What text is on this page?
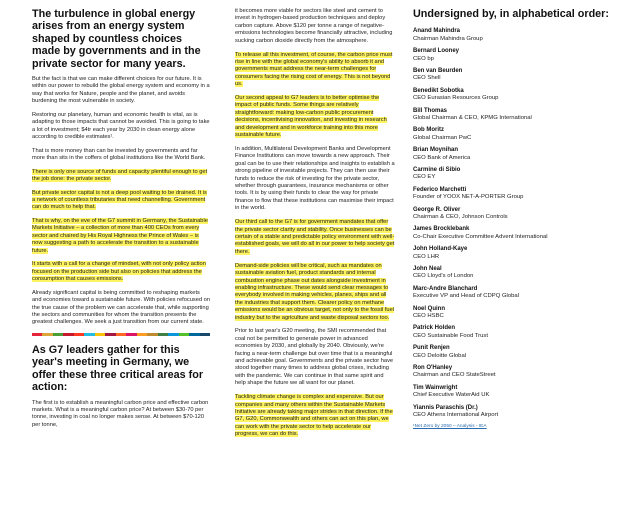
The turbulence in global energy arises from an energy system shaped by countless choices made by governments and in the private sector for many years.

But the fact is that we can make different choices for our future. It is within our power to rebuild the global energy system and economy in a way that works for Nature, people and the planet, and avoids burdening the most vulnerable in society.

Restoring our planetary, human and economic health is vital, as is adapting to those impacts that cannot be avoided. This is going to take a lot of investment; $4tr each year by 2030 in clean energy alone according to credible estimates¹.

That is more money than can be invested by governments and far more than sits in the coffers of global institutions like the World Bank.

There is only one source of funds and capacity plentiful enough to get the job done: the private sector.

But private sector capital is not a deep pool waiting to be drained. It is a network of countless tributaries that need channelling. Government can do much to help that.

That is why, on the eve of the G7 summit in Germany, the Sustainable Markets Initiative – a collection of more than 400 CEOs from every sector and chaired by His Royal Highness the Prince of Wales – is now suggesting a path to accelerate the transition to a sustainable future.

It starts with a call for a change of mindset, with not only policy action focused on the production side but also on policies that address the consumption that causes emissions.

Already significant capital is being committed to reshaping markets and economies toward a sustainable future. With policies refocused on the true cause of the problem we can accelerate that, while supporting the sectors and communities for whom the transition presents the greatest challenges. We seek a just transition from our current state.

As G7 leaders gather for this year's meeting in Germany, we offer these three critical areas for action:

The first is to establish a meaningful carbon price and effective carbon markets. What is a meaningful carbon price? At between $30-70 per tonne, investing in coal no longer makes sense. At between $70-120 per tonne,

it becomes more viable for sectors like steel and cement to invest in hydrogen-based production techniques and deploy carbon capture. Above $120 per tonne a range of negative-emissions technologies become financially attractive, including sucking carbon dioxide directly from the atmosphere.

To release all this investment, of course, the carbon price must rise in line with the global economy's ability to absorb it and governments must address the near-term challenges for consumers facing the rising cost of energy. This is not beyond us.

Our second appeal to G7 leaders is to better optimise the impact of public funds. Some things are relatively straightforward: making low-carbon public procurement decisions, incentivising innovation, and investing in research and development and in workforce training into this more sustainable future.

In addition, Multilateral Development Banks and Development Finance Institutions can move towards a new approach. Their goal can be to use their relationships and insights to establish a strong pipeline of investable projects. They can then use their funds to reduce the risk of investing for the private sector, whether through guarantees, insurance mechanisms or other tools. It is by using their funds to clear the way for private finance to flow that these institutions can maximise their impact in the world.

Our third call to the G7 is for government mandates that offer the private sector clarity and stability. Once businesses can be certain of a stable and predictable policy environment with well-established goals, we will do all in our power to help society get there.

Demand-side policies will be critical, such as mandates on sustainable aviation fuel, product standards and internal combustion engine phase out dates alongside investment in enabling infrastructure. These would send clear messages to everybody involved in making vehicles, planes, ships and all the industries that support them. Clearer policy on methane emissions would be an obvious target, not only to the fossil fuel industry but to the agriculture and waste disposal sectors too.

Prior to last year's G20 meeting, the SMI recommended that coal not be permitted to generate power in advanced economies by 2030, and globally by 2040. Obviously, we're facing a near-term challenge but over time that is a meaningful and achievable goal. Governments and the private sector have stood together many times to address global crises, including with the pandemic. We can continue in that same spirit and help shape the future we all want for our planet.

Tackling climate change is complex and expensive. But our companies and many others within the Sustainable Markets Initiative are already taking major strides in that direction. If the G7, G20, Commonwealth and others can act on this plan, we can work with the private sector to help accelerate our progress, we can do this.

Undersigned by, in alphabetical order:
Anand Mahindra
Chairman Mahindra Group
Bernard Looney
CEO bp
Ben van Beurden
CEO Shell
Benedikt Sobotka
CEO Eurasian Resources Group
Bill Thomas
Global Chairman & CEO, KPMG International
Bob Moritz
Global Chairman PwC
Brian Moynihan
CEO Bank of America
Carmine di Sibio
CEO EY
Federico Marchetti
Founder of YOOX NET-A-PORTER Group
George R. Oliver
Chairman & CEO, Johnson Controls
James Brocklebank
Co-Chair Executive Committee Advent International
John Holland-Kaye
CEO LHR
John Neal
CEO Lloyd's of London
Marc-Andre Blanchard
Executive VP and Head of CDPQ Global
Noel Quinn
CEO HSBC
Patrick Holden
CEO Sustainable Food Trust
Punit Renjen
CEO Deloitte Global
Ron O'Hanley
Chairman and CEO StateStreet
Tim Wainwright
Chief Executive WaterAid UK
Yiannis Paraschis (Dr.)
CEO Athens International Airport
¹Net Zero by 2050 – Analysis - IEA
